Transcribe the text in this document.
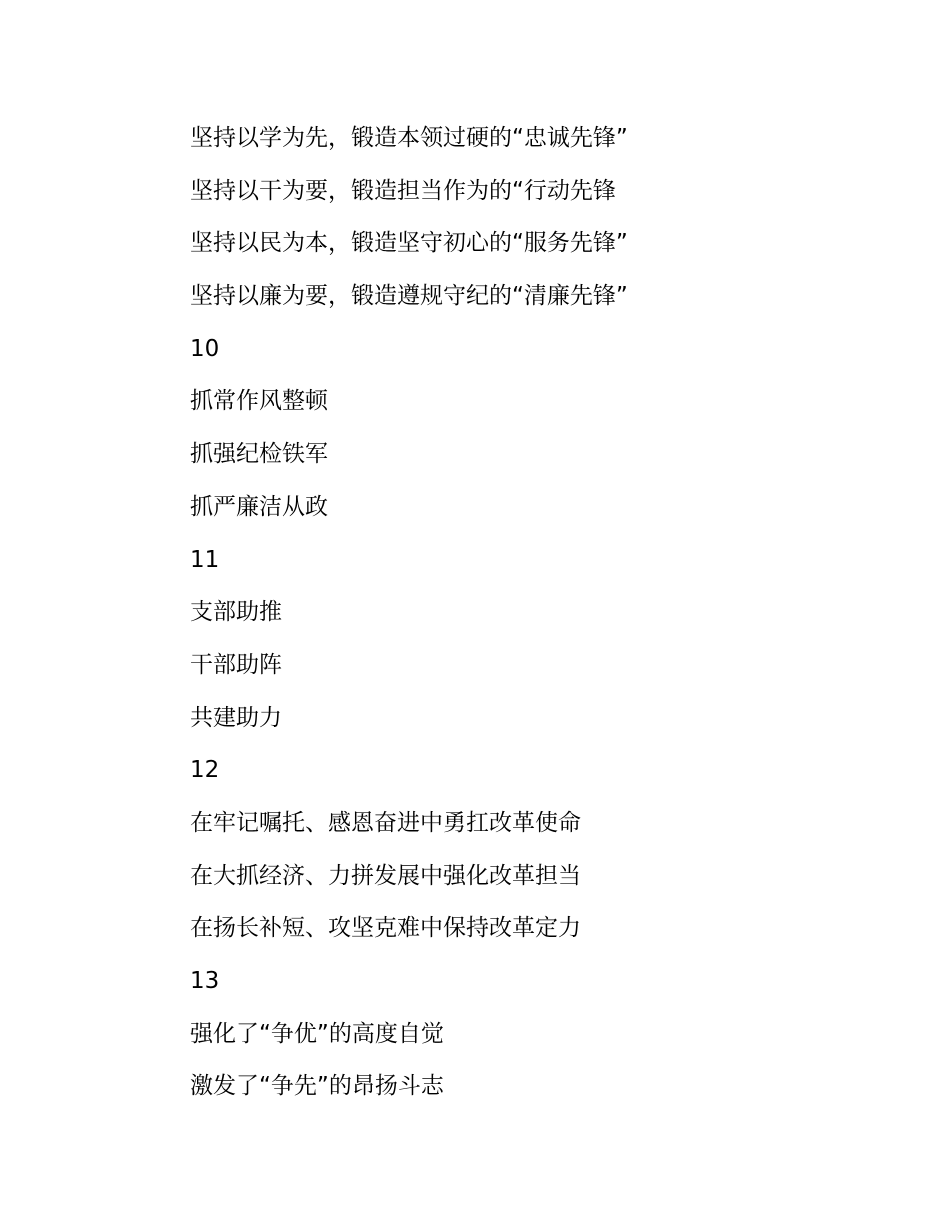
坚持以学为先，锻造本领过硬的“忠诚先锋”
坚持以干为要，锻造担当作为的“行动先锋
坚持以民为本，锻造坚守初心的“服务先锋”
坚持以廉为要，锻造遵规守纪的“清廉先锋”
10
抓常作风整顿
抓强纪检铁军
抓严廉洁从政
11
支部助推
干部助阵
共建助力
12
在牢记嘱托、感恩奋进中勇扛改革使命
在大抓经济、力拼发展中强化改革担当
在扬长补短、攻坚克难中保持改革定力
13
强化了“争优”的高度自觉
激发了“争先”的昂扬斗志
